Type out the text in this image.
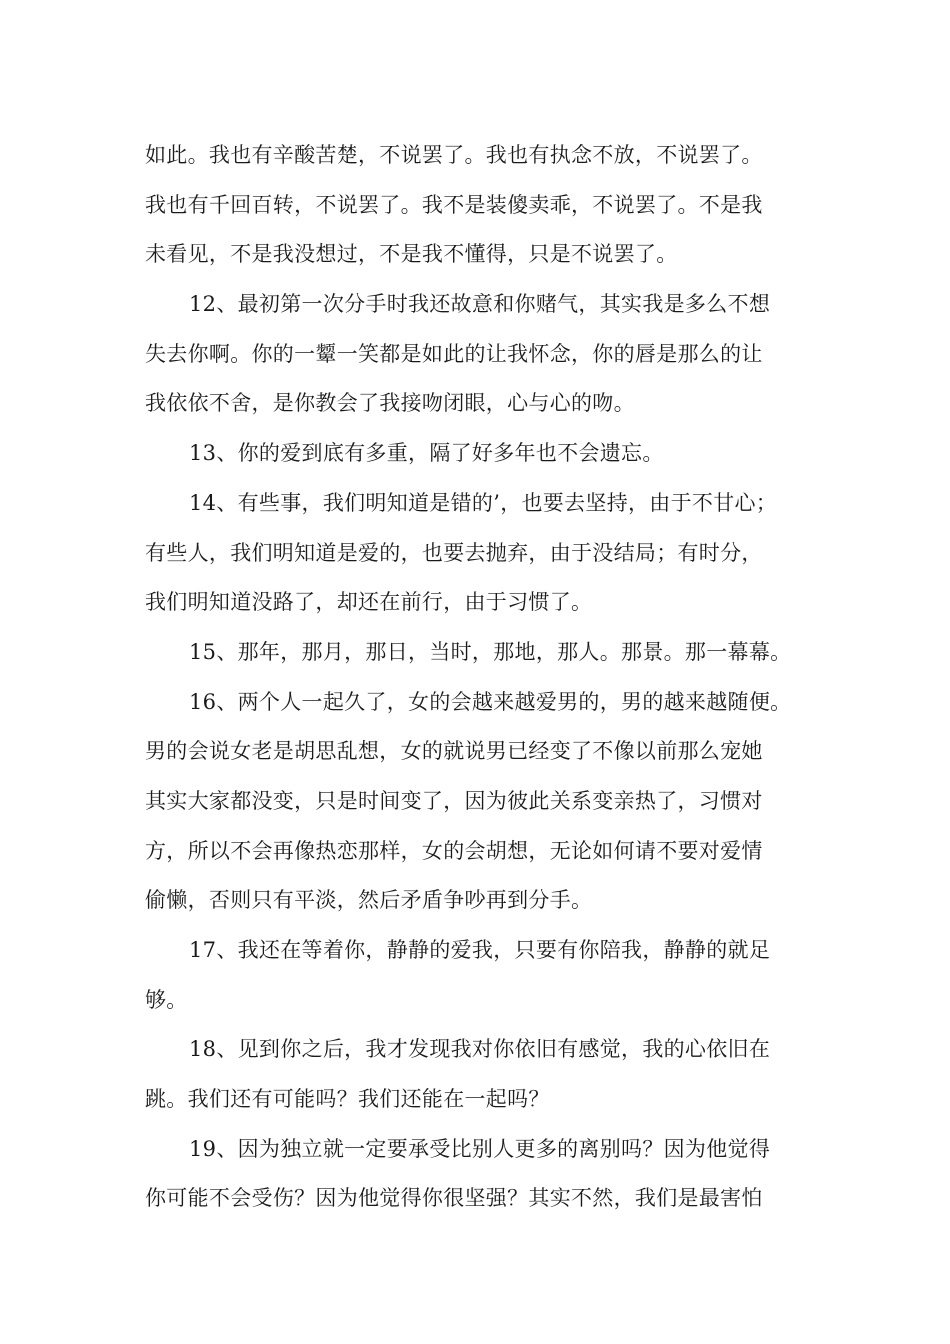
如此。我也有辛酸苦楚，不说罢了。我也有执念不放，不说罢了。
我也有千回百转，不说罢了。我不是装傻卖乖，不说罢了。不是我
未看见，不是我没想过，不是我不懂得，只是不说罢了。
12、最初第一次分手时我还故意和你赌气，其实我是多么不想
失去你啊。你的一颦一笑都是如此的让我怀念，你的唇是那么的让
我依依不舍，是你教会了我接吻闭眼，心与心的吻。
13、你的爱到底有多重，隔了好多年也不会遗忘。
14、有些事，我们明知道是错的’，也要去坚持，由于不甘心；
有些人，我们明知道是爱的，也要去抛弃，由于没结局；有时分，
我们明知道没路了，却还在前行，由于习惯了。
15、那年，那月，那日，当时，那地，那人。那景。那一幕幕。
16、两个人一起久了，女的会越来越爱男的，男的越来越随便。
男的会说女老是胡思乱想，女的就说男已经变了不像以前那么宠她
其实大家都没变，只是时间变了，因为彼此关系变亲热了，习惯对
方，所以不会再像热恋那样，女的会胡想，无论如何请不要对爱情
偷懒，否则只有平淡，然后矛盾争吵再到分手。
17、我还在等着你，静静的爱我，只要有你陪我，静静的就足
够。
18、见到你之后，我才发现我对你依旧有感觉，我的心依旧在
跳。我们还有可能吗？我们还能在一起吗？
19、因为独立就一定要承受比别人更多的离别吗？因为他觉得
你可能不会受伤？因为他觉得你很坚强？其实不然，我们是最害怕
